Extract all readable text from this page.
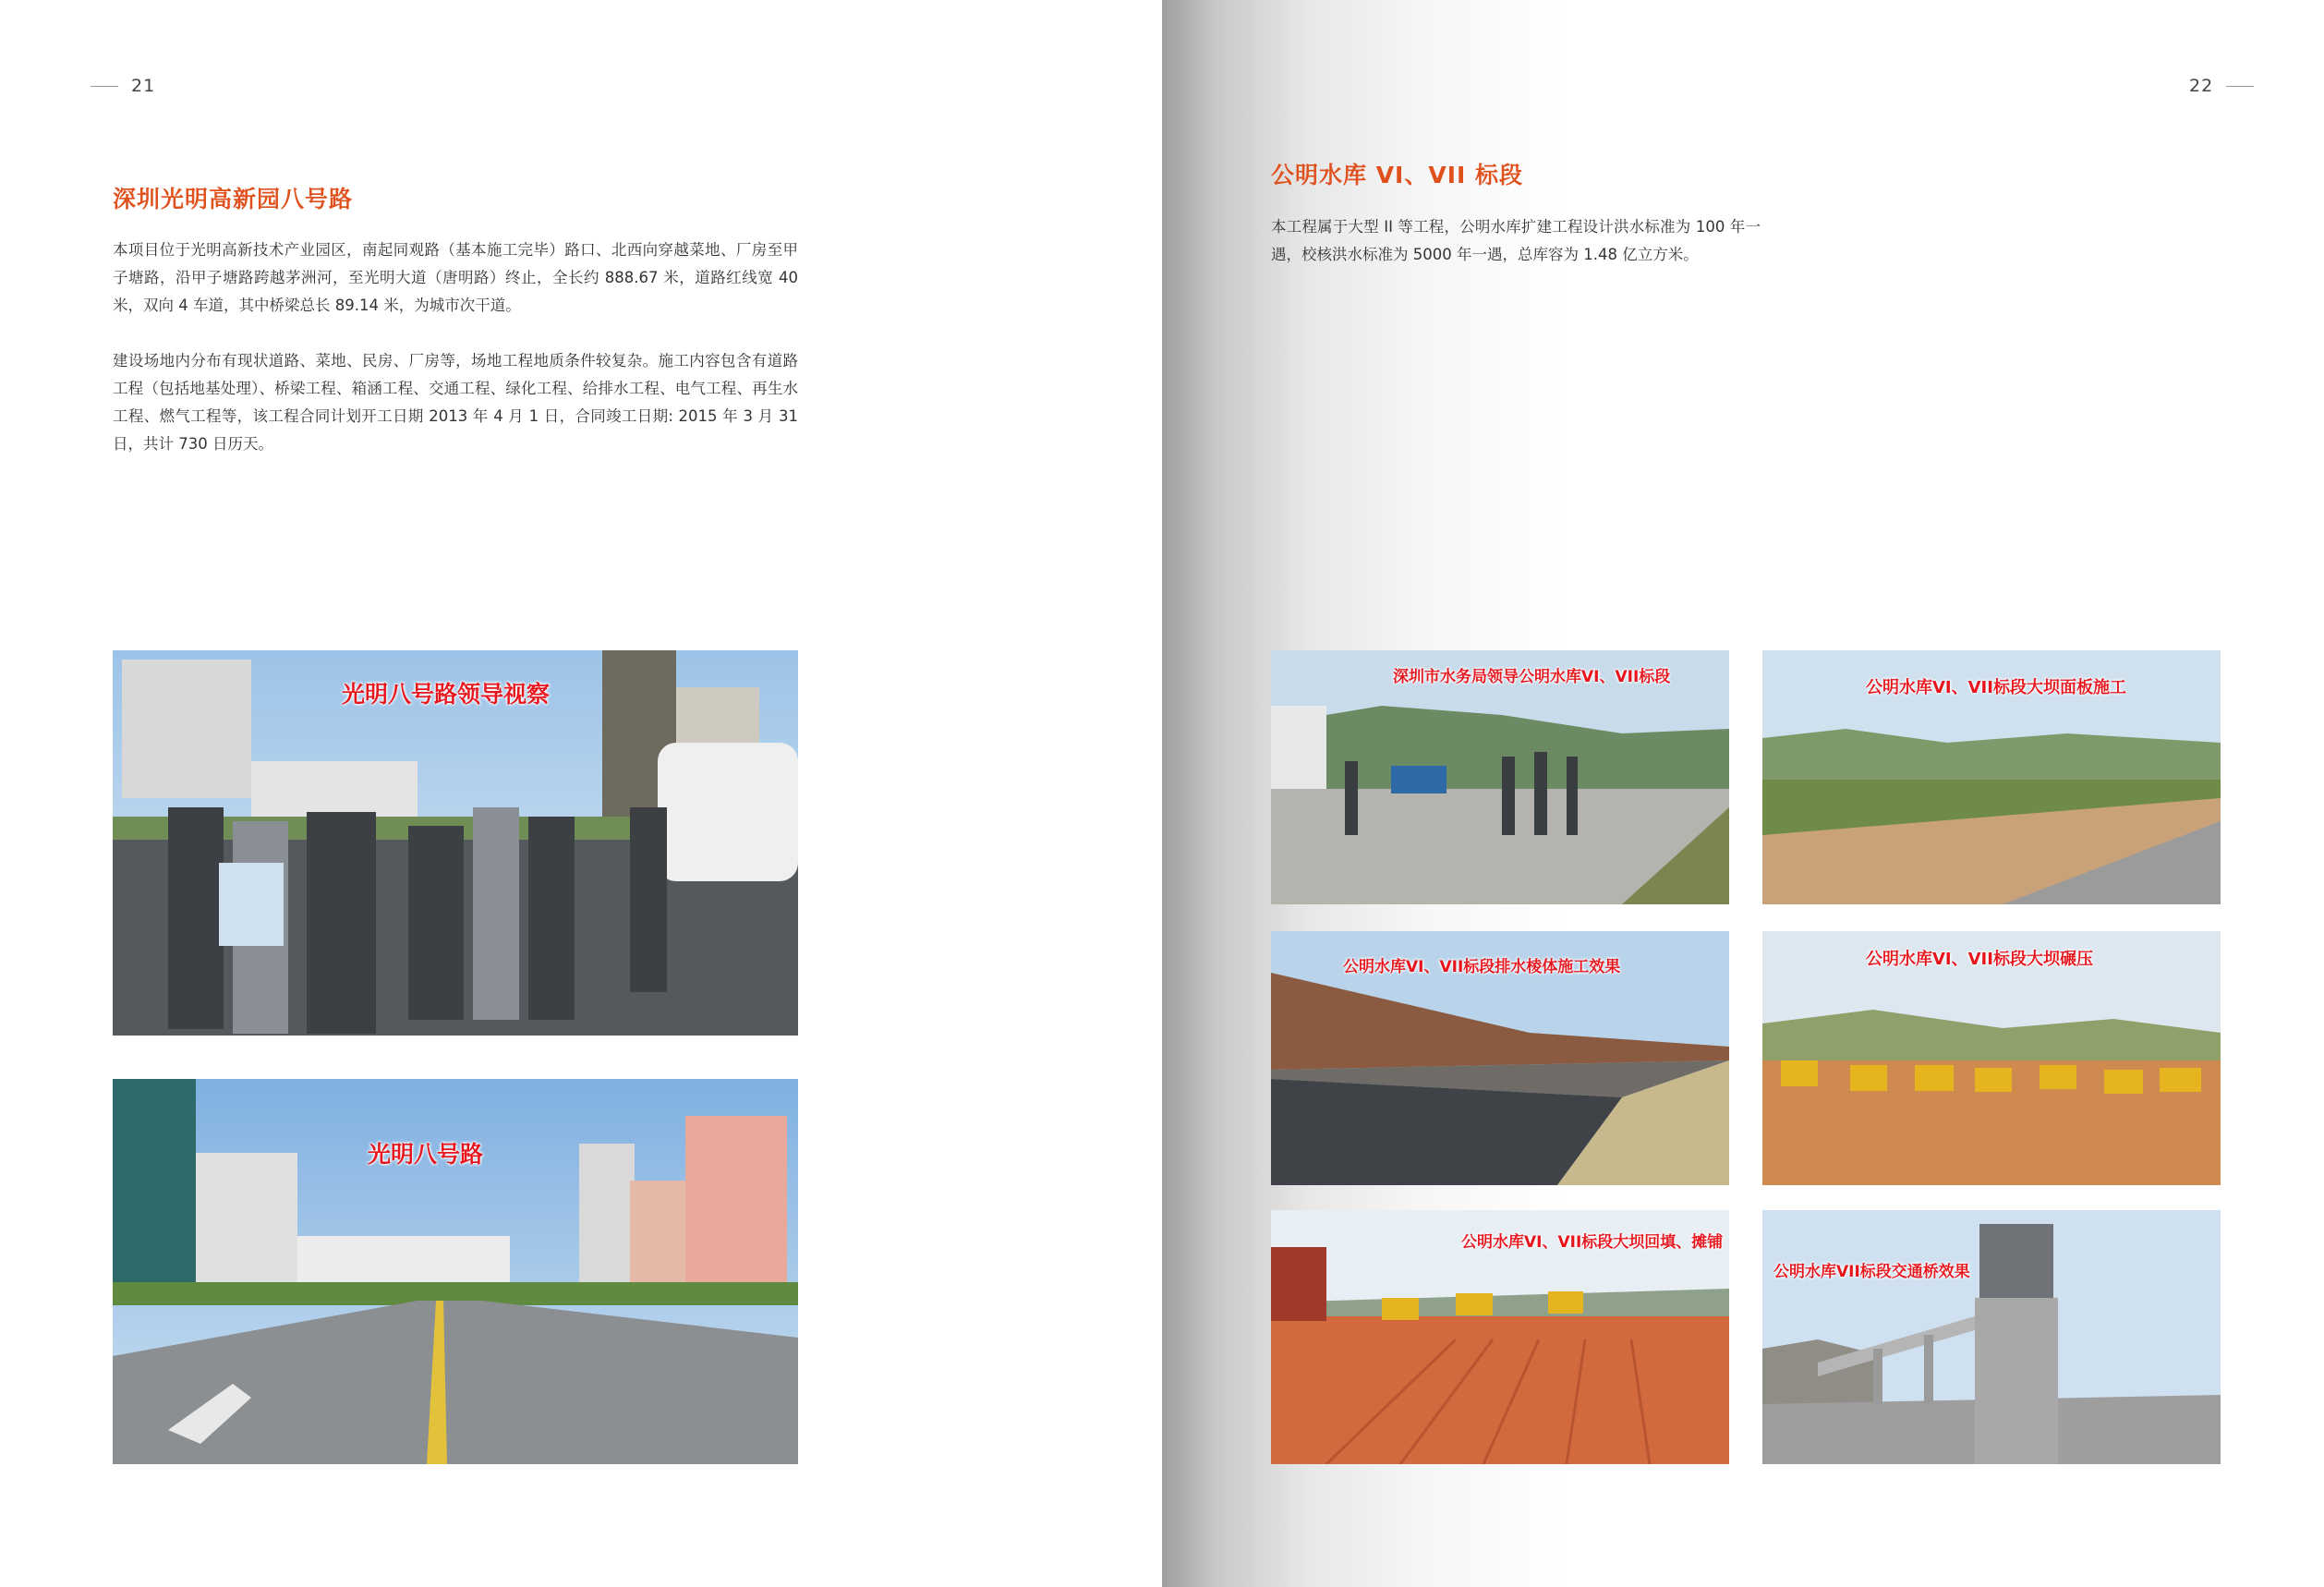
21
深圳光明高新园八号路

本项目位于光明高新技术产业园区，南起同观路（基本施工完毕）路口、北西向穿越菜地、厂房至甲子塘路，沿甲子塘路跨越茅洲河，至光明大道（唐明路）终止，全长约 888.67 米，道路红线宽 40 米，双向 4 车道，其中桥梁总长 89.14 米，为城市次干道。

建设场地内分布有现状道路、菜地、民房、厂房等，场地工程地质条件较复杂。施工内容包含有道路工程（包括地基处理）、桥梁工程、箱涵工程、交通工程、绿化工程、给排水工程、电气工程、再生水工程、燃气工程等，该工程合同计划开工日期 2013 年 4 月 1 日，合同竣工日期: 2015 年 3 月 31 日，共计 730 日历天。

光明八号路领导视察
光明八号路
22
公明水库 VI、VII 标段

本工程属于大型 II 等工程，公明水库扩建工程设计洪水标准为 100 年一遇，校核洪水标准为 5000 年一遇，总库容为 1.48 亿立方米。

深圳市水务局领导公明水库VI、VII标段
公明水库VI、VII标段大坝面板施工
公明水库VI、VII标段排水棱体施工效果	公明水库VI、VII标段大坝碾压
公明水库VI、VII标段大坝回填、摊铺
公明水库VII标段交通桥效果
